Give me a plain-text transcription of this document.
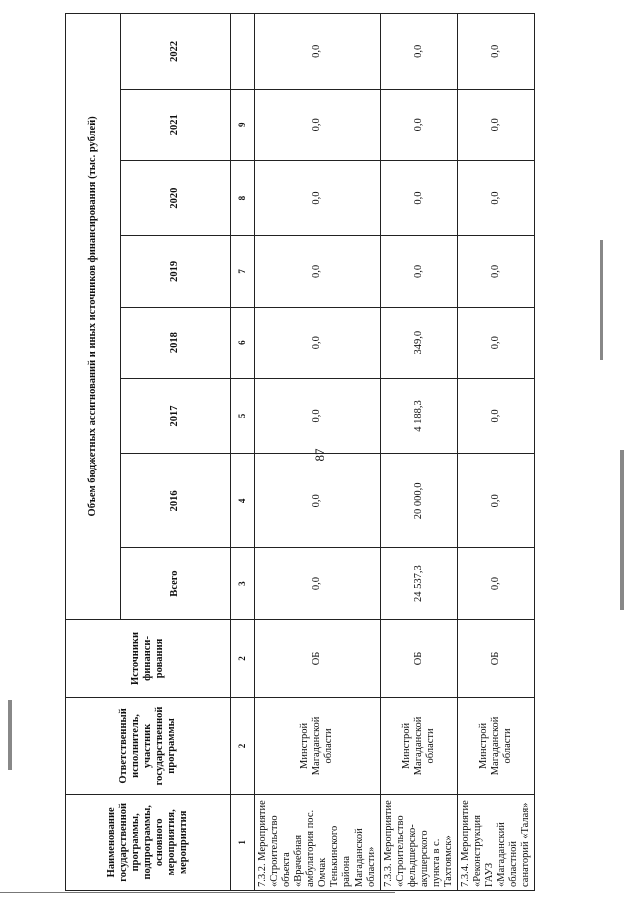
87
Наименование государственной программы, подпрограммы, основного мероприятия, мероприятия	Ответственный исполнитель, участник государственной программы	Источники финанси-рования	Объем бюджетных ассигнований и иных источников финансирования (тыс. рублей)							
			Всего	2016	2017	2018	2019	2020	2021	2022
1	2	2	3	4	5	6	7	8	9	
7.3.2. Мероприятие «Строительство объекта «Врачебная амбулатория пос. Омчак Тенькинского района Магаданской области»	Минстрой Магаданской области	ОБ	0,0	0,0	0,0	0,0	0,0	0,0	0,0	0,0
7.3.3. Мероприятие «Строительство фельдшерско-акушерского пункта в с. Тахтоямск»	Минстрой Магаданской области	ОБ	24 537,3	20 000,0	4 188,3	349,0	0,0	0,0	0,0	0,0
7.3.4. Мероприятие «Реконструкция ГАУЗ «Магаданский областной санаторий «Талая»	Минстрой Магаданской области	ОБ	0,0	0,0	0,0	0,0	0,0	0,0	0,0	0,0
